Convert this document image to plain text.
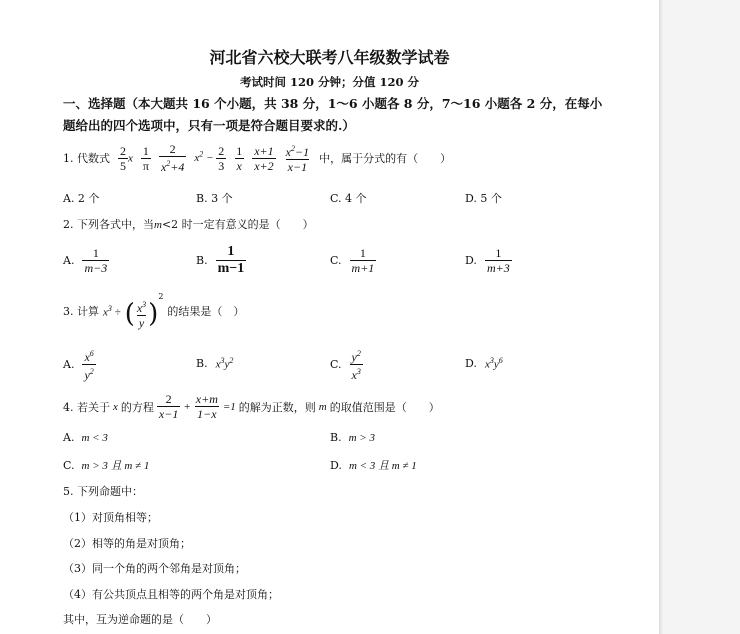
河北省六校大联考八年级数学试卷
考试时间 120 分钟；分值 120 分
一、选择题（本大题共 16 个小题，共 38 分，1～6 小题各 8 分，7～16 小题各 2 分，在每小
题给出的四个选项中，只有一项是符合题目要求的.）
1. 代数式 $\frac{2}{5}$ x $\frac{1}{\pi} \frac{2}{x^2+4} x^2 - \frac{2}{3} \frac{1}{x} \frac{x+1}{x+2} \frac{x^2-1}{x-1}$ 中，属于分式的有（　　）
A. 2 个	B. 3 个	C. 4 个	D. 5 个
2. 下列各式中，当m<2 时一定有意义的是（　　）
A. $\frac{1}{m-3}$	B. $\frac{1}{m-1}$	C. $\frac{1}{m+1}$	D. $\frac{1}{m+3}$
3. 计算 $x^3$ ÷ ( $\frac{x^3}{y} )^2$
的结果是（　）
A. $\frac{x^6}{y^2}$	B. $x^3y^2$	C. $\frac{y^2}{x^3}$	D. $x^3y^6$
4. 若关于 x 的方程 $\frac{2}{x-1} + \frac{x+m}{1-x} =1$ 的解为正数，则 m 的取值范围是（　　）
A. m < 3	B. m > 3
C. m > 3 且 m ≠ 1	D. m < 3 且 m ≠ 1
5. 下列命题中：
（1）对顶角相等；
（2）相等的角是对顶角；
（3）同一个角的两个邻角是对顶角；
（4）有公共顶点且相等的两个角是对顶角；
其中，互为逆命题的是（　　）
